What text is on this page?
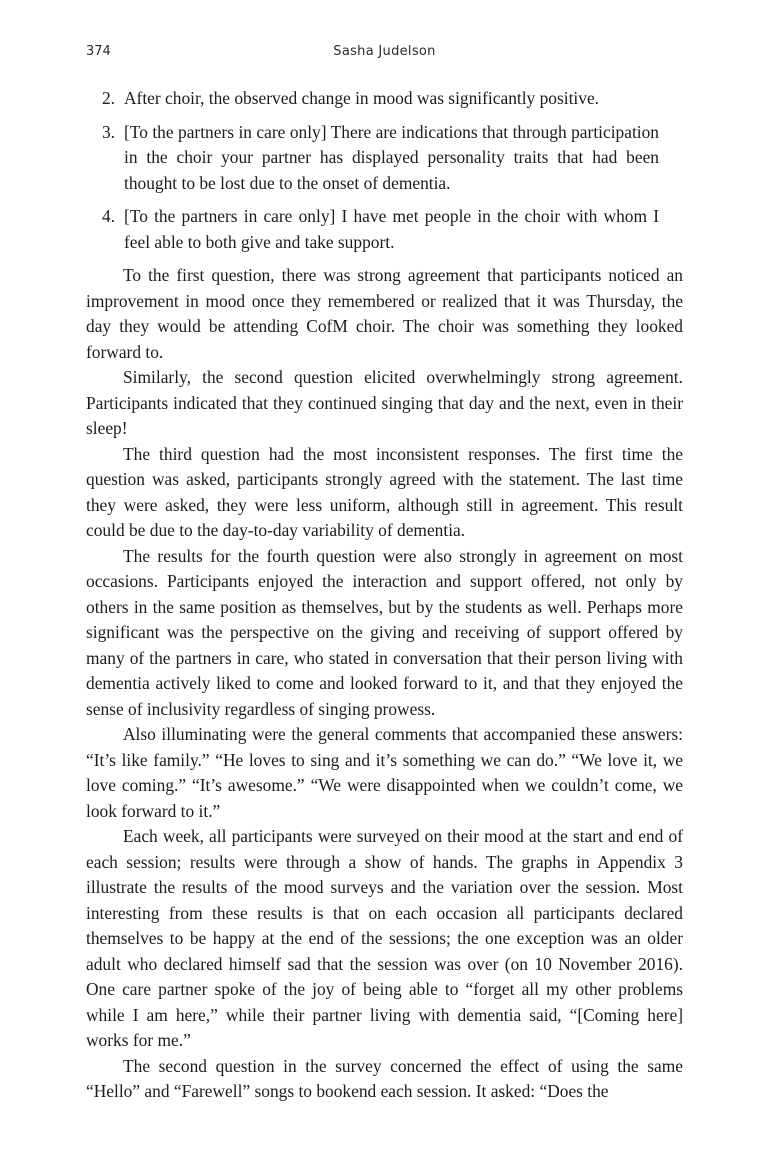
374	Sasha Judelson
2. After choir, the observed change in mood was significantly positive.
3. [To the partners in care only] There are indications that through participation in the choir your partner has displayed personality traits that had been thought to be lost due to the onset of dementia.
4. [To the partners in care only] I have met people in the choir with whom I feel able to both give and take support.

To the first question, there was strong agreement that participants noticed an improvement in mood once they remembered or realized that it was Thursday, the day they would be attending CofM choir. The choir was something they looked forward to.

Similarly, the second question elicited overwhelmingly strong agreement. Participants indicated that they continued singing that day and the next, even in their sleep!

The third question had the most inconsistent responses. The first time the question was asked, participants strongly agreed with the statement. The last time they were asked, they were less uniform, although still in agreement. This result could be due to the day-to-day variability of dementia.

The results for the fourth question were also strongly in agreement on most occasions. Participants enjoyed the interaction and support offered, not only by others in the same position as themselves, but by the students as well. Perhaps more significant was the perspective on the giving and receiving of support offered by many of the partners in care, who stated in conversation that their person living with dementia actively liked to come and looked forward to it, and that they enjoyed the sense of inclusivity regardless of singing prowess.

Also illuminating were the general comments that accompanied these answers: “It’s like family.” “He loves to sing and it’s something we can do.” “We love it, we love coming.” “It’s awesome.” “We were disappointed when we couldn’t come, we look forward to it.”

Each week, all participants were surveyed on their mood at the start and end of each session; results were through a show of hands. The graphs in Appendix 3 illustrate the results of the mood surveys and the variation over the session. Most interesting from these results is that on each occasion all participants declared themselves to be happy at the end of the sessions; the one exception was an older adult who declared himself sad that the session was over (on 10 November 2016). One care partner spoke of the joy of being able to “forget all my other problems while I am here,” while their partner living with dementia said, “[Coming here] works for me.”

The second question in the survey concerned the effect of using the same “Hello” and “Farewell” songs to bookend each session. It asked: “Does the
